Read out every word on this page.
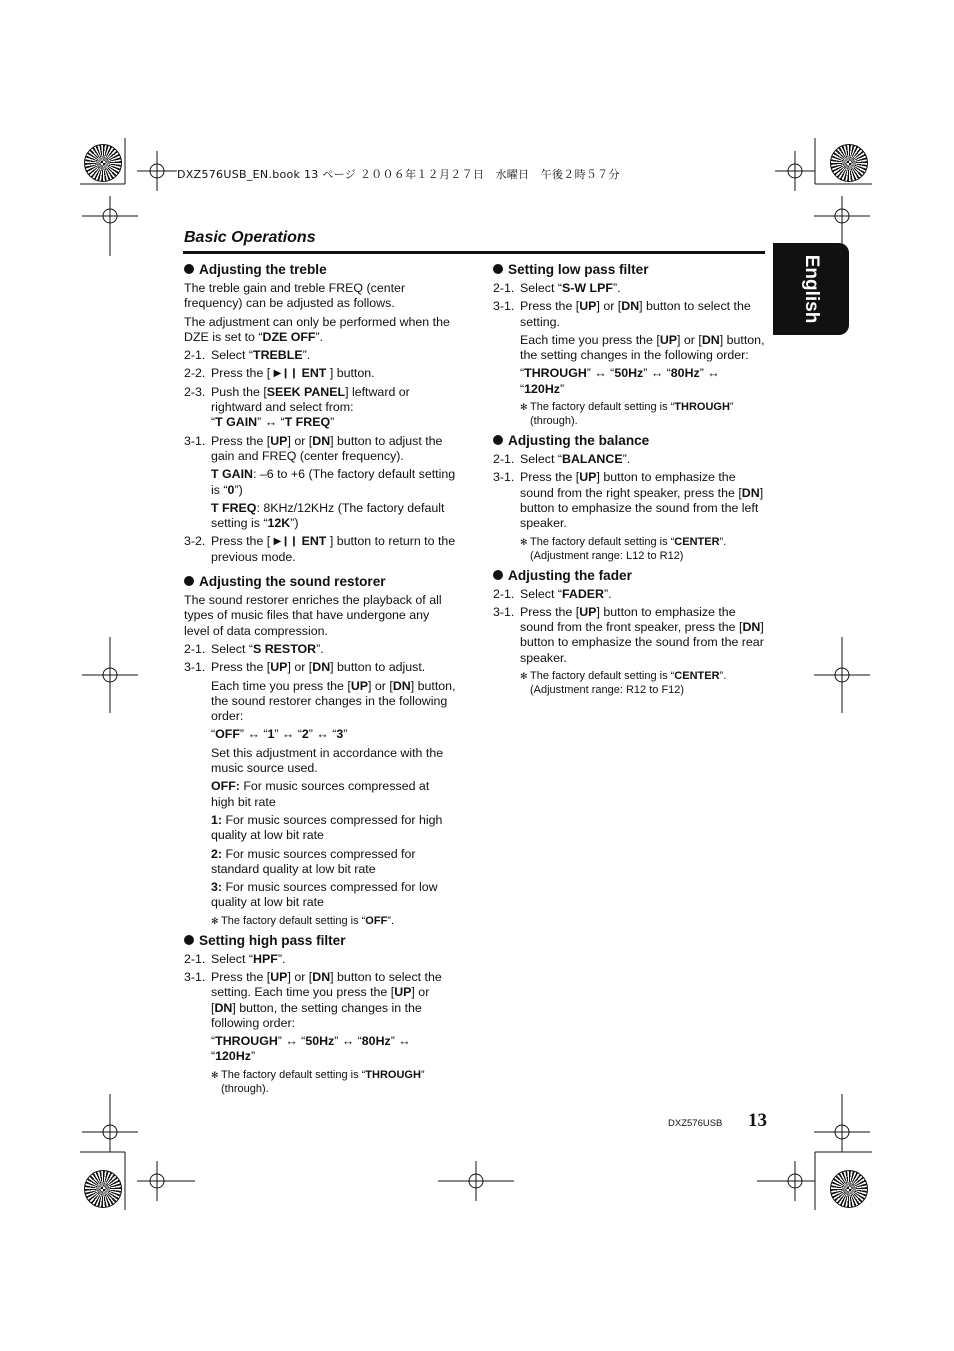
DXZ576USB_EN.book 13 ページ ２００６年１２月２７日　水曜日　午後２時５７分
Basic Operations
English
Adjusting the treble

The treble gain and treble FREQ (center frequency) can be adjusted as follows.

The adjustment can only be performed when the DZE is set to “DZE OFF”.

2-1. Select “TREBLE”.
2-2. Press the [ ▶❙❙ ENT ] button.
2-3. Push the [SEEK PANEL] leftward or rightward and select from:
“T GAIN” ↔ “T FREQ”
3-1. Press the [UP] or [DN] button to adjust the gain and FREQ (center frequency).

T GAIN: –6 to +6 (The factory default setting is “0”)

T FREQ: 8KHz/12KHz (The factory default setting is “12K”)

3-2. Press the [ ▶❙❙ ENT ] button to return to the previous mode.
Adjusting the sound restorer

The sound restorer enriches the playback of all types of music files that have undergone any level of data compression.

2-1. Select “S RESTOR”.
3-1. Press the [UP] or [DN] button to adjust.

Each time you press the [UP] or [DN] button, the sound restorer changes in the following order:

“OFF” ↔ “1” ↔ “2” ↔ “3”

Set this adjustment in accordance with the music source used.

OFF: For music sources compressed at high bit rate

1: For music sources compressed for high quality at low bit rate

2: For music sources compressed for standard quality at low bit rate

3: For music sources compressed for low quality at low bit rate

✻ The factory default setting is “OFF”.
Setting high pass filter
2-1. Select “HPF”.
3-1. Press the [UP] or [DN] button to select the setting. Each time you press the [UP] or [DN] button, the setting changes in the following order:

“THROUGH” ↔ “50Hz” ↔ “80Hz” ↔
“120Hz”

✻ The factory default setting is “THROUGH” (through).
Setting low pass filter
2-1. Select “S-W LPF”.
3-1. Press the [UP] or [DN] button to select the setting.

Each time you press the [UP] or [DN] button, the setting changes in the following order:

“THROUGH” ↔ “50Hz” ↔ “80Hz” ↔
“120Hz”

✻ The factory default setting is “THROUGH” (through).
Adjusting the balance
2-1. Select “BALANCE”.
3-1. Press the [UP] button to emphasize the sound from the right speaker, press the [DN] button to emphasize the sound from the left speaker.
✻ The factory default setting is “CENTER”. (Adjustment range: L12 to R12)
Adjusting the fader
2-1. Select “FADER”.
3-1. Press the [UP] button to emphasize the sound from the front speaker, press the [DN] button to emphasize the sound from the rear speaker.
✻ The factory default setting is “CENTER”. (Adjustment range: R12 to F12)
DXZ576USB 13
